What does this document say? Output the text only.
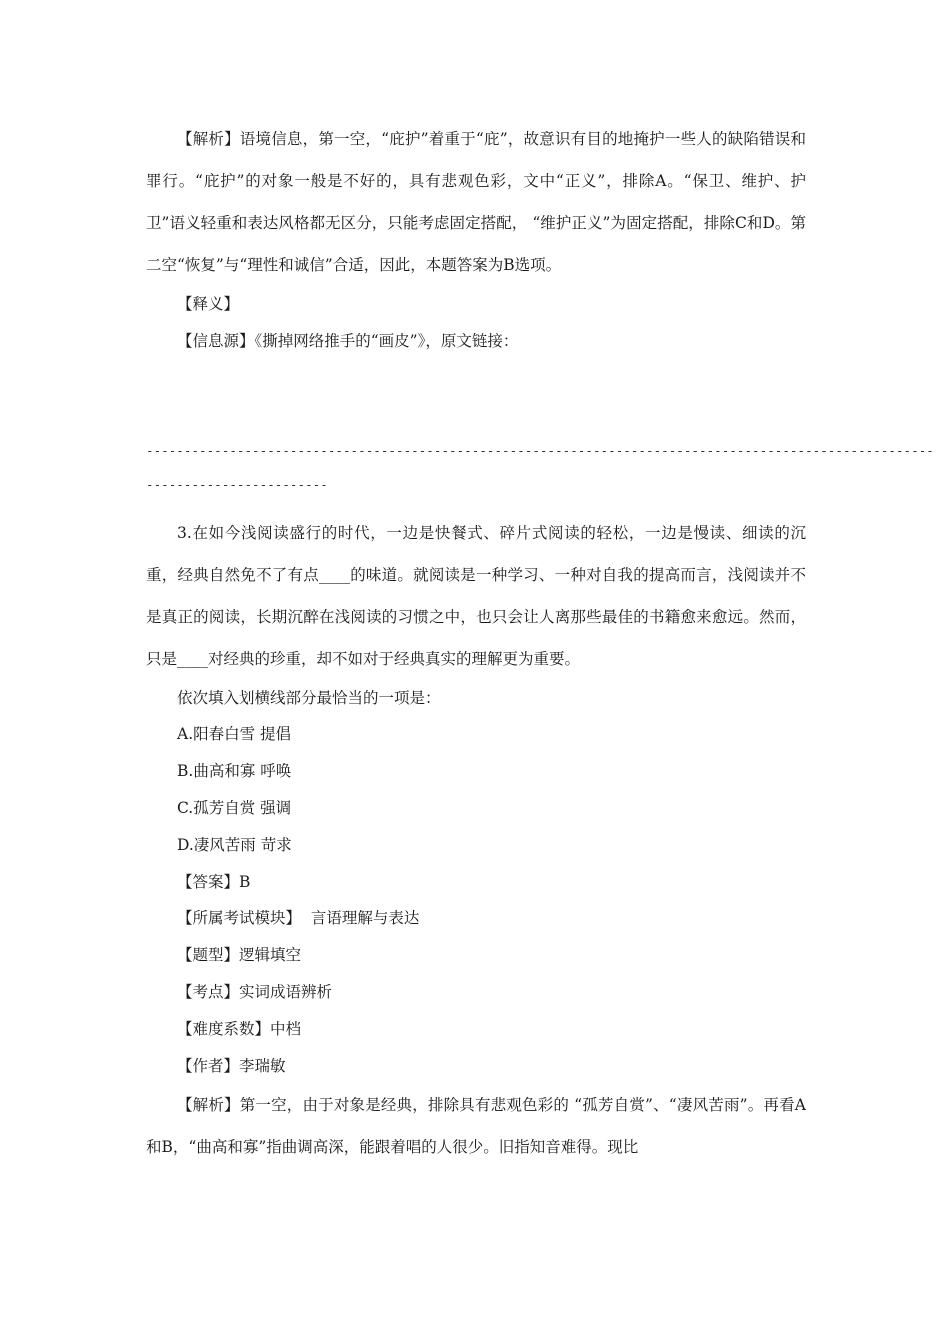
【解析】语境信息，第一空，“庇护”着重于“庇”，故意识有目的地掩护一些人的缺陷错误和罪行。“庇护”的对象一般是不好的，具有悲观色彩，文中“正义”，排除A。“保卫、维护、护卫”语义轻重和表达风格都无区分，只能考虑固定搭配， “维护正义”为固定搭配，排除C和D。第二空“恢复”与“理性和诚信”合适，因此，本题答案为B选项。

【释义】

【信息源】《撕掉网络推手的“画皮”》，原文链接：

--------------------------------------------------------------------------------------------------------
------------------------

3.在如今浅阅读盛行的时代，一边是快餐式、碎片式阅读的轻松，一边是慢读、细读的沉重，经典自然免不了有点____的味道。就阅读是一种学习、一种对自我的提高而言，浅阅读并不是真正的阅读，长期沉醉在浅阅读的习惯之中，也只会让人离那些最佳的书籍愈来愈远。然而，只是____对经典的珍重，却不如对于经典真实的理解更为重要。

依次填入划横线部分最恰当的一项是：

A.阳春白雪 提倡

B.曲高和寡 呼唤

C.孤芳自赏 强调

D.凄风苦雨 苛求

【答案】B

【所属考试模块】  言语理解与表达

【题型】逻辑填空

【考点】实词成语辨析

【难度系数】中档

【作者】李瑞敏

【解析】第一空，由于对象是经典，排除具有悲观色彩的 “孤芳自赏”、“凄风苦雨”。再看A和B，“曲高和寡”指曲调高深，能跟着唱的人很少。旧指知音难得。现比
